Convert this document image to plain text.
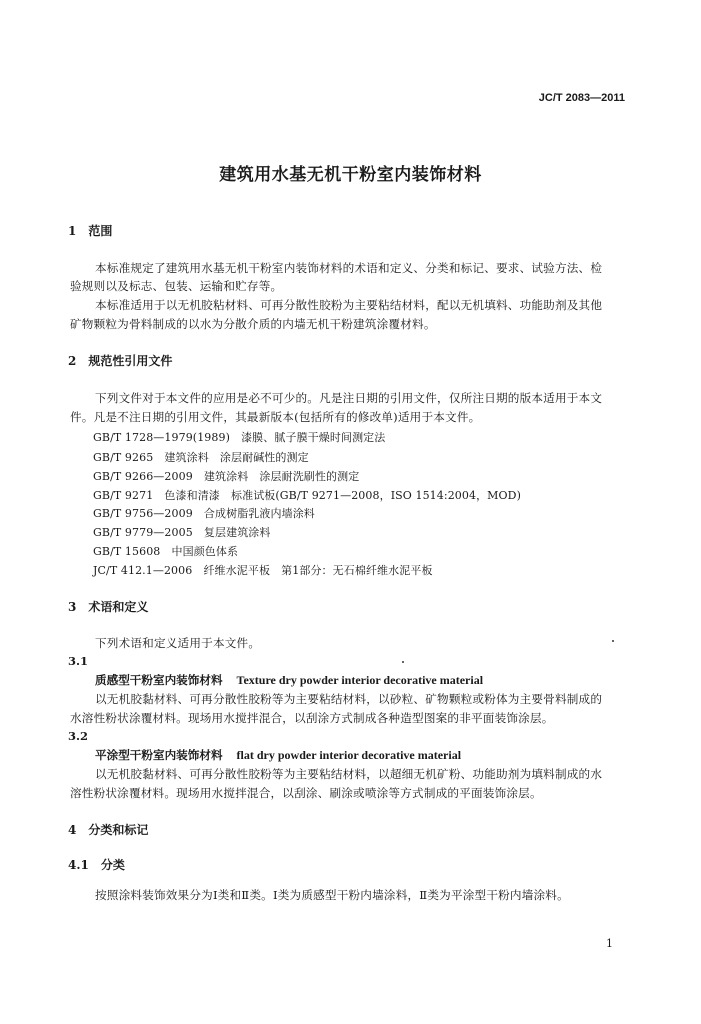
JC/T 2083—2011
建筑用水基无机干粉室内装饰材料
1　范围
本标准规定了建筑用水基无机干粉室内装饰材料的术语和定义、分类和标记、要求、试验方法、检
验规则以及标志、包装、运输和贮存等。
本标准适用于以无机胶粘材料、可再分散性胶粉为主要粘结材料，配以无机填料、功能助剂及其他
矿物颗粒为骨料制成的以水为分散介质的内墙无机干粉建筑涂覆材料。
2　规范性引用文件
下列文件对于本文件的应用是必不可少的。凡是注日期的引用文件，仅所注日期的版本适用于本文
件。凡是不注日期的引用文件，其最新版本(包括所有的修改单)适用于本文件。
GB/T 1728—1979(1989)　漆膜、腻子膜干燥时间测定法
GB/T 9265　建筑涂料　涂层耐碱性的测定
GB/T 9266—2009　建筑涂料　涂层耐洗刷性的测定
GB/T 9271　色漆和清漆　标准试板(GB/T 9271—2008，ISO 1514:2004，MOD)
GB/T 9756—2009　合成树脂乳液内墙涂料
GB/T 9779—2005　复层建筑涂料
GB/T 15608　中国颜色体系
JC/T 412.1—2006　纤维水泥平板　第1部分：无石棉纤维水泥平板
3　术语和定义
下列术语和定义适用于本文件。
3.1
质感型干粉室内装饰材料 Texture dry powder interior decorative material
以无机胶黏材料、可再分散性胶粉等为主要粘结材料，以砂粒、矿物颗粒或粉体为主要骨料制成的
水溶性粉状涂覆材料。现场用水搅拌混合，以刮涂方式制成各种造型图案的非平面装饰涂层。
3.2
平涂型干粉室内装饰材料 flat dry powder interior decorative material
以无机胶黏材料、可再分散性胶粉等为主要粘结材料，以超细无机矿粉、功能助剂为填料制成的水
溶性粉状涂覆材料。现场用水搅拌混合，以刮涂、刷涂或喷涂等方式制成的平面装饰涂层。
4　分类和标记
4.1　分类
按照涂料装饰效果分为Ⅰ类和Ⅱ类。Ⅰ类为质感型干粉内墙涂料，Ⅱ类为平涂型干粉内墙涂料。
1
